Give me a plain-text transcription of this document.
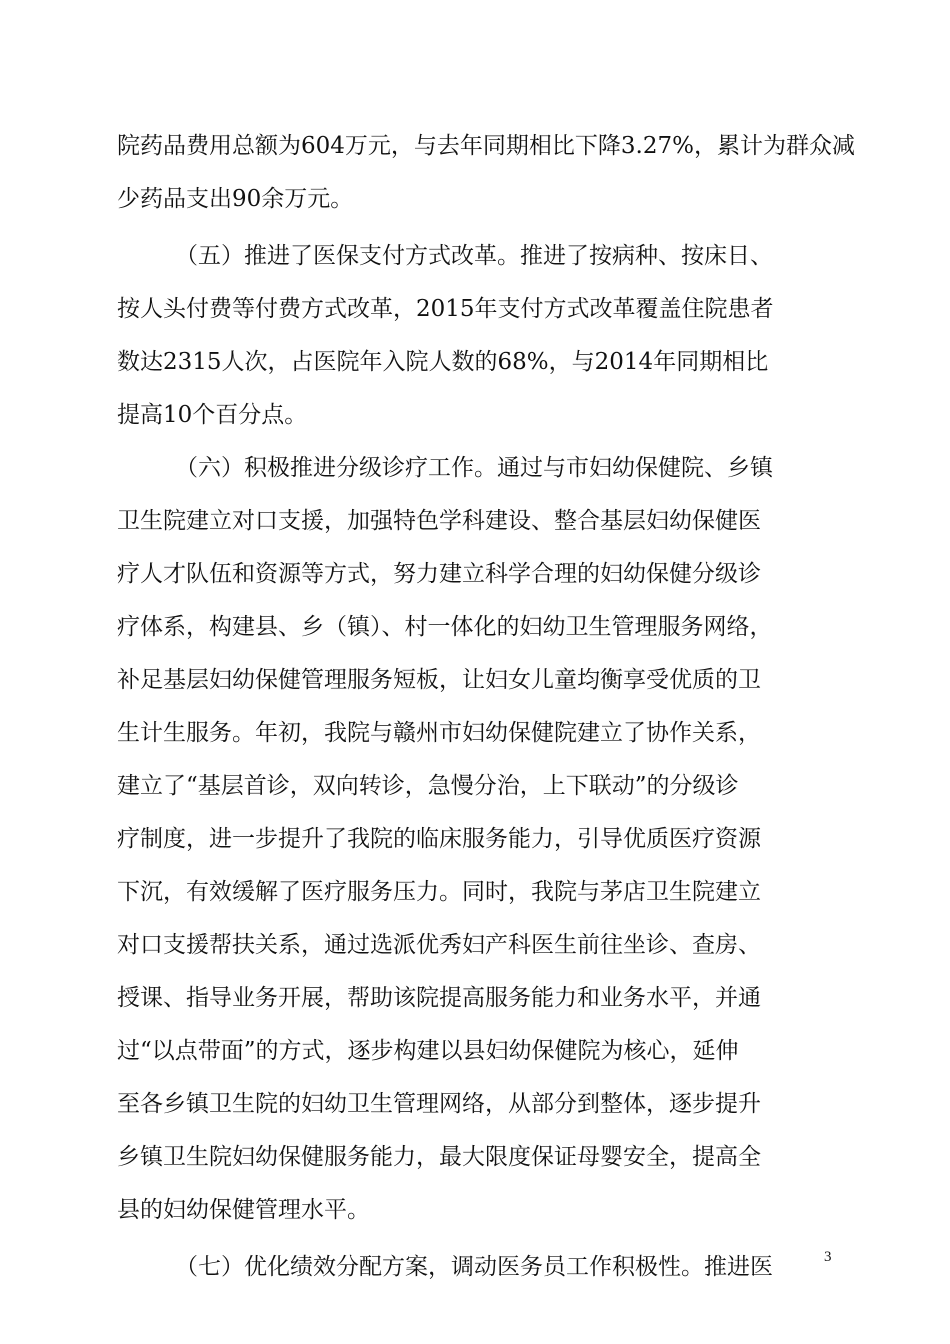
院药品费用总额为604万元，与去年同期相比下降3.27%，累计为群众减
少药品支出90余万元。
（五）推进了医保支付方式改革。推进了按病种、按床日、
按人头付费等付费方式改革，2015年支付方式改革覆盖住院患者
数达2315人次，占医院年入院人数的68%，与2014年同期相比
提高10个百分点。
（六）积极推进分级诊疗工作。通过与市妇幼保健院、乡镇
卫生院建立对口支援，加强特色学科建设、整合基层妇幼保健医
疗人才队伍和资源等方式，努力建立科学合理的妇幼保健分级诊
疗体系，构建县、乡（镇）、村一体化的妇幼卫生管理服务网络，
补足基层妇幼保健管理服务短板，让妇女儿童均衡享受优质的卫
生计生服务。年初，我院与赣州市妇幼保健院建立了协作关系，
建立了“基层首诊，双向转诊，急慢分治，上下联动”的分级诊
疗制度，进一步提升了我院的临床服务能力，引导优质医疗资源
下沉，有效缓解了医疗服务压力。同时，我院与茅店卫生院建立
对口支援帮扶关系，通过选派优秀妇产科医生前往坐诊、查房、
授课、指导业务开展，帮助该院提高服务能力和业务水平，并通
过“以点带面”的方式，逐步构建以县妇幼保健院为核心，延伸
至各乡镇卫生院的妇幼卫生管理网络，从部分到整体，逐步提升
乡镇卫生院妇幼保健服务能力，最大限度保证母婴安全，提高全
县的妇幼保健管理水平。
（七）优化绩效分配方案，调动医务员工作积极性。推进医	3
